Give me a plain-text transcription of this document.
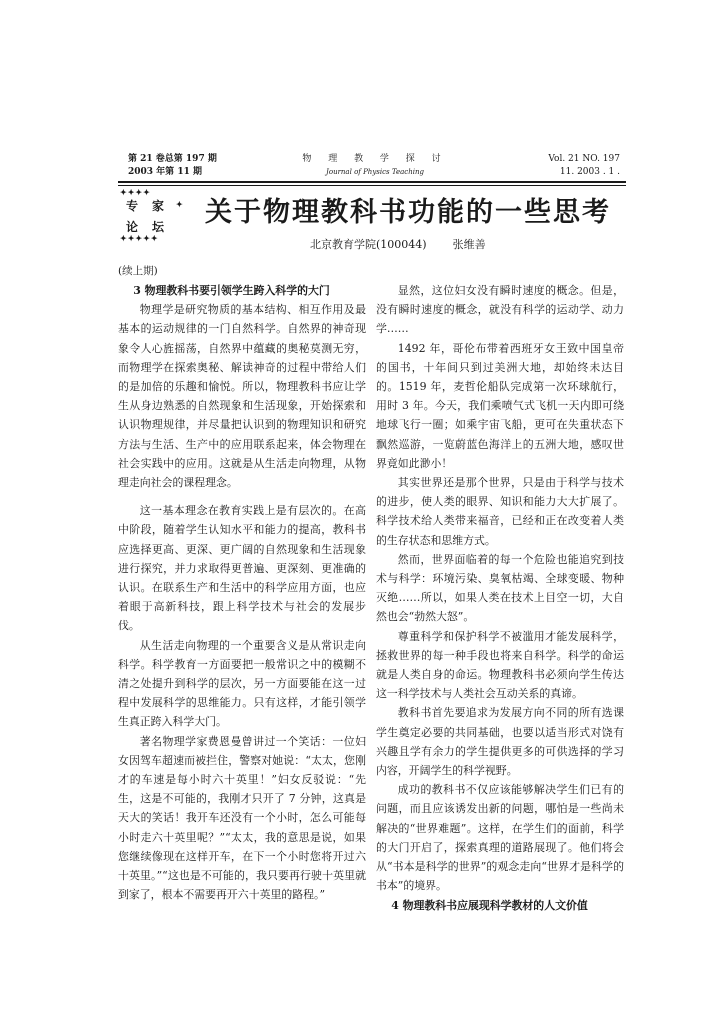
第 21 卷总第 197 期
2003 年第 11 期
物 理 教 学 探 讨
Journal of Physics Teaching
Vol. 21 NO. 197
11. 2003 . 1 .
✦✦✦✦
专 家 ✦
论 坛
✦✦✦✦✦
关于物理教科书功能的一些思考
北京教育学院(100044) 张维善
(续上期)

3 物理教科书要引领学生跨入科学的大门

物理学是研究物质的基本结构、相互作用及最基本的运动规律的一门自然科学。自然界的神奇现象令人心旌摇荡，自然界中蕴藏的奥秘莫测无穷，而物理学在探索奥秘、解读神奇的过程中带给人们的是加倍的乐趣和愉悦。所以，物理教科书应让学生从身边熟悉的自然现象和生活现象，开始探索和认识物理规律，并尽量把认识到的物理知识和研究方法与生活、生产中的应用联系起来，体会物理在社会实践中的应用。这就是从生活走向物理，从物理走向社会的课程理念。

这一基本理念在教育实践上是有层次的。在高中阶段，随着学生认知水平和能力的提高，教科书应选择更高、更深、更广阔的自然现象和生活现象进行探究，并力求取得更普遍、更深刻、更准确的认识。在联系生产和生活中的科学应用方面，也应着眼于高新科技，跟上科学技术与社会的发展步伐。

从生活走向物理的一个重要含义是从常识走向科学。科学教育一方面要把一般常识之中的模糊不清之处提升到科学的层次，另一方面要能在这一过程中发展科学的思维能力。只有这样，才能引领学生真正跨入科学大门。

著名物理学家费恩曼曾讲过一个笑话：一位妇女因驾车超速而被拦住，警察对她说：“太太，您刚才的车速是每小时六十英里！”妇女反驳说：“先生，这是不可能的，我刚才只开了 7 分钟，这真是天大的笑话！我开车还没有一个小时，怎么可能每小时走六十英里呢？”“太太，我的意思是说，如果您继续像现在这样开车，在下一个小时您将开过六十英里。”“这也是不可能的，我只要再行驶十英里就到家了，根本不需要再开六十英里的路程。”

显然，这位妇女没有瞬时速度的概念。但是，没有瞬时速度的概念，就没有科学的运动学、动力学……

1492 年，哥伦布带着西班牙女王致中国皇帝的国书，十年间只到过美洲大地，却始终未达目的。1519 年，麦哲伦船队完成第一次环球航行，用时 3 年。今天，我们乘喷气式飞机一天内即可绕地球飞行一圈；如乘宇宙飞船，更可在失重状态下飘然巡游，一览蔚蓝色海洋上的五洲大地，感叹世界竟如此渺小！

其实世界还是那个世界，只是由于科学与技术的进步，使人类的眼界、知识和能力大大扩展了。科学技术给人类带来福音，已经和正在改变着人类的生存状态和思维方式。

然而，世界面临着的每一个危险也能追究到技术与科学：环境污染、臭氧枯竭、全球变暖、物种灭绝……所以，如果人类在技术上目空一切，大自然也会“勃然大怒”。

尊重科学和保护科学不被滥用才能发展科学，拯救世界的每一种手段也将来自科学。科学的命运就是人类自身的命运。物理教科书必须向学生传达这一科学技术与人类社会互动关系的真谛。

教科书首先要追求为发展方向不同的所有选课学生奠定必要的共同基础，也要以适当形式对饶有兴趣且学有余力的学生提供更多的可供选择的学习内容，开阔学生的科学视野。

成功的教科书不仅应该能够解决学生们已有的问题，而且应该诱发出新的问题，哪怕是一些尚未解决的“世界难题”。这样，在学生们的面前，科学的大门开启了，探索真理的道路展现了。他们将会从“书本是科学的世界”的观念走向“世界才是科学的书本”的境界。

4 物理教科书应展现科学教材的人文价值
